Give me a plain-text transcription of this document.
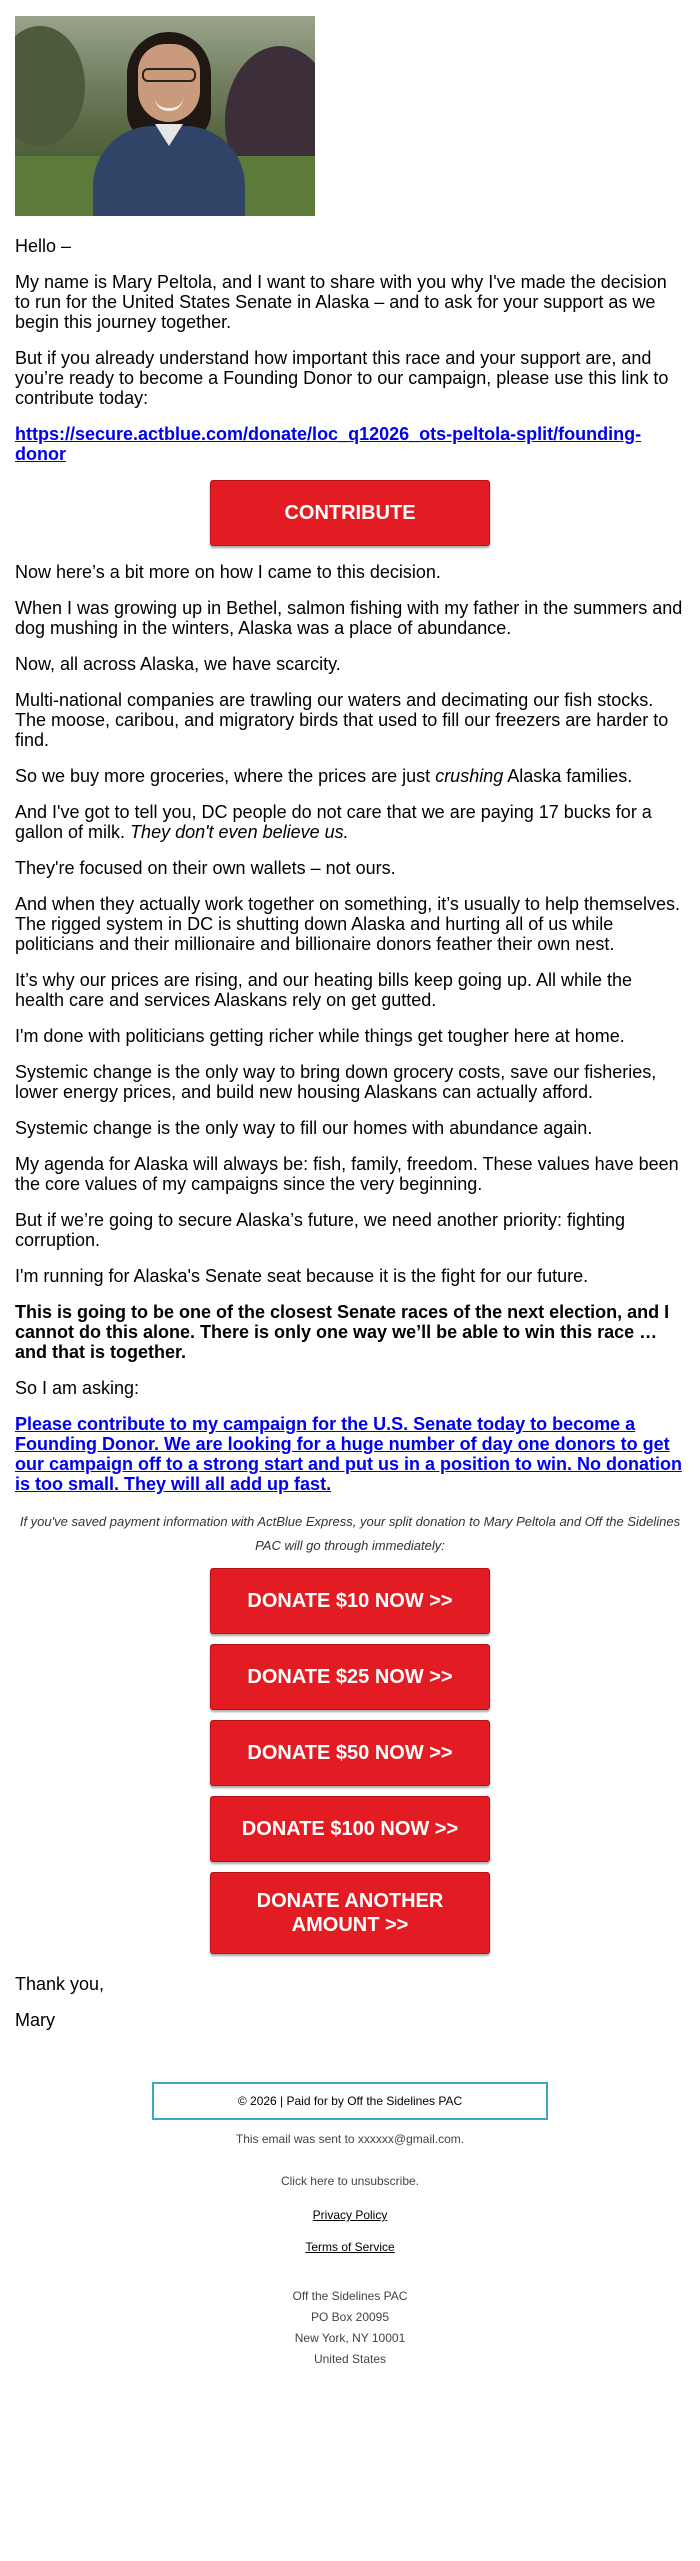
Hello –

My name is Mary Peltola, and I want to share with you why I've made the decision to run for the United States Senate in Alaska – and to ask for your support as we begin this journey together.

But if you already understand how important this race and your support are, and you’re ready to become a Founding Donor to our campaign, please use this link to contribute today:

https://secure.actblue.com/donate/loc_q12026_ots-peltola-split/founding-donor

CONTRIBUTE

Now here’s a bit more on how I came to this decision.

When I was growing up in Bethel, salmon fishing with my father in the summers and dog mushing in the winters, Alaska was a place of abundance.

Now, all across Alaska, we have scarcity.

Multi-national companies are trawling our waters and decimating our fish stocks. The moose, caribou, and migratory birds that used to fill our freezers are harder to find.

So we buy more groceries, where the prices are just crushing Alaska families.

And I've got to tell you, DC people do not care that we are paying 17 bucks for a gallon of milk. They don't even believe us.

They're focused on their own wallets – not ours.

And when they actually work together on something, it’s usually to help themselves. The rigged system in DC is shutting down Alaska and hurting all of us while politicians and their millionaire and billionaire donors feather their own nest.

It’s why our prices are rising, and our heating bills keep going up. All while the health care and services Alaskans rely on get gutted.

I'm done with politicians getting richer while things get tougher here at home.

Systemic change is the only way to bring down grocery costs, save our fisheries, lower energy prices, and build new housing Alaskans can actually afford.

Systemic change is the only way to fill our homes with abundance again.

My agenda for Alaska will always be: fish, family, freedom. These values have been the core values of my campaigns since the very beginning.

But if we’re going to secure Alaska’s future, we need another priority: fighting corruption.

I'm running for Alaska's Senate seat because it is the fight for our future.

This is going to be one of the closest Senate races of the next election, and I cannot do this alone. There is only one way we’ll be able to win this race … and that is together.

So I am asking:

Please contribute to my campaign for the U.S. Senate today to become a Founding Donor. We are looking for a huge number of day one donors to get our campaign off to a strong start and put us in a position to win. No donation is too small. They will all add up fast.

If you've saved payment information with ActBlue Express, your split donation to Mary Peltola and Off the Sidelines PAC will go through immediately:
DONATE $10 NOW >>
DONATE $25 NOW >>
DONATE $50 NOW >>
DONATE $100 NOW >>
DONATE ANOTHER AMOUNT >>

Thank you,

Mary

© 2026 | Paid for by Off the Sidelines PAC
This email was sent to xxxxxx@gmail.com.
Click here to unsubscribe.
Privacy Policy
Terms of Service
Off the Sidelines PAC
PO Box 20095
New York, NY 10001
United States
